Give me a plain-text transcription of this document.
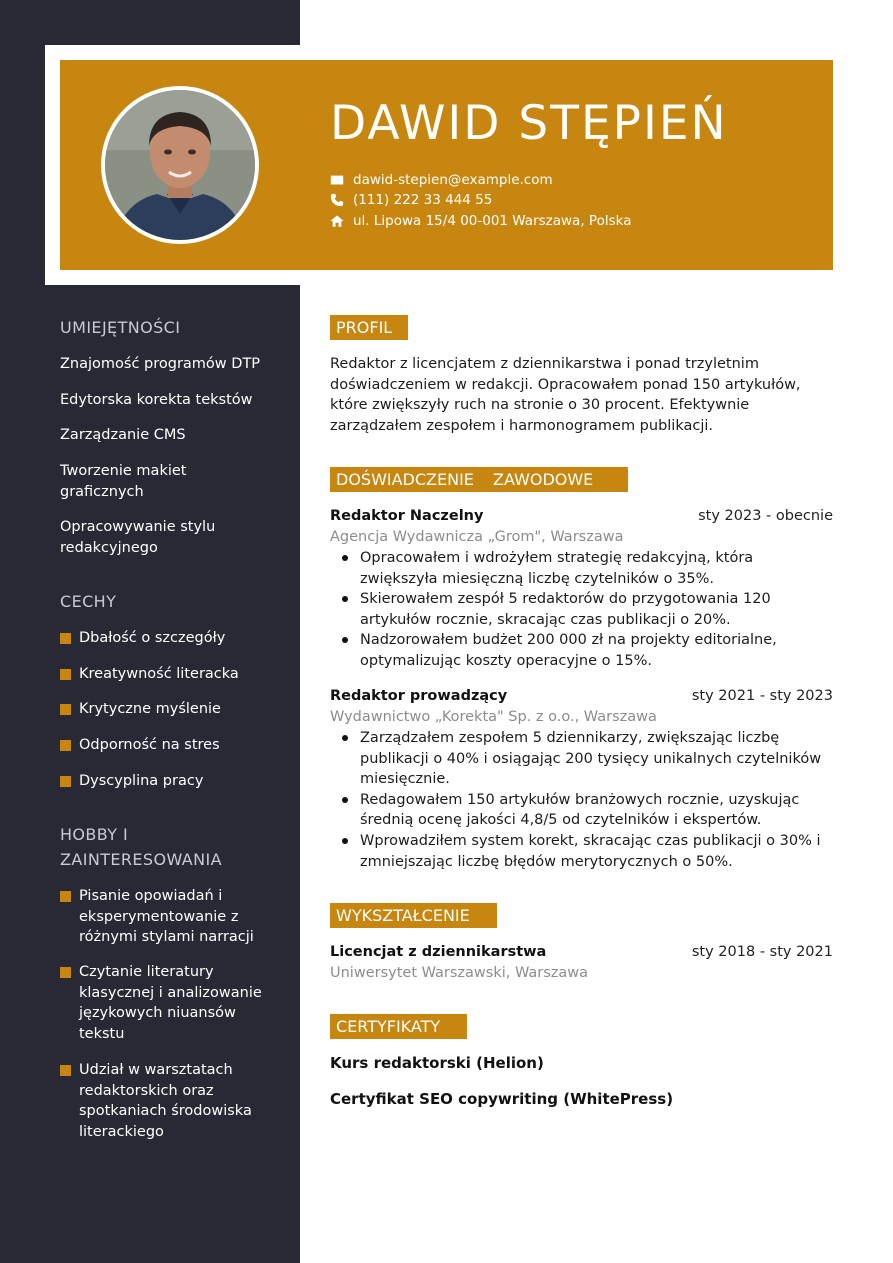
DAWID STĘPIEŃ
dawid-stepien@example.com
(111) 222 33 444 55
ul. Lipowa 15/4 00-001 Warszawa, Polska
UMIEJĘTNOŚCI
Znajomość programów DTP
Edytorska korekta tekstów
Zarządzanie CMS
Tworzenie makiet graficznych
Opracowywanie stylu redakcyjnego
CECHY
Dbałość o szczegóły
Kreatywność literacka
Krytyczne myślenie
Odporność na stres
Dyscyplina pracy
HOBBY I ZAINTERESOWANIA
Pisanie opowiadań i eksperymentowanie z różnymi stylami narracji
Czytanie literatury klasycznej i analizowanie językowych niuansów tekstu
Udział w warsztatach redaktorskich oraz spotkaniach środowiska literackiego
PROFIL
Redaktor z licencjatem z dziennikarstwa i ponad trzyletnim doświadczeniem w redakcji. Opracowałem ponad 150 artykułów, które zwiększyły ruch na stronie o 30 procent. Efektywnie zarządzałem zespołem i harmonogramem publikacji.
DOŚWIADCZENIE ZAWODOWE
Redaktor Naczelny	sty 2023 - obecnie
Agencja Wydawnicza „Grom", Warszawa
Opracowałem i wdrożyłem strategię redakcyjną, która zwiększyła miesięczną liczbę czytelników o 35%.
Skierowałem zespół 5 redaktorów do przygotowania 120 artykułów rocznie, skracając czas publikacji o 20%.
Nadzorowałem budżet 200 000 zł na projekty editorialne, optymalizując koszty operacyjne o 15%.
Redaktor prowadzący	sty 2021 - sty 2023
Wydawnictwo „Korekta" Sp. z o.o., Warszawa
Zarządzałem zespołem 5 dziennikarzy, zwiększając liczbę publikacji o 40% i osiągając 200 tysięcy unikalnych czytelników miesięcznie.
Redagowałem 150 artykułów branżowych rocznie, uzyskując średnią ocenę jakości 4,8/5 od czytelników i ekspertów.
Wprowadziłem system korekt, skracając czas publikacji o 30% i zmniejszając liczbę błędów merytorycznych o 50%.
WYKSZTAŁCENIE
Licencjat z dziennikarstwa	sty 2018 - sty 2021
Uniwersytet Warszawski, Warszawa
CERTYFIKATY
Kurs redaktorski (Helion)
Certyfikat SEO copywriting (WhitePress)
